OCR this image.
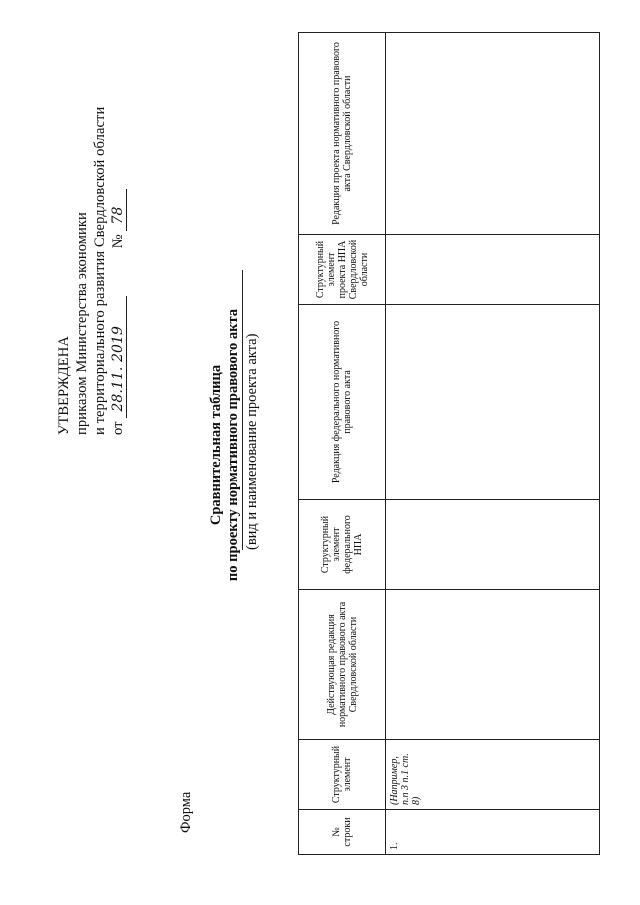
УТВЕРЖДЕНА приказом Министерства экономики и территориального развития Свердловской области от 28.11. 2019  № 78
Форма
Сравнительная таблица по проекту нормативного правового акта (вид и наименование проекта акта)
№ строки	Структурный элемент	Действующая редакция нормативного правового акта Свердловской области	Структурный элемент федерального НПА	Редакция федерального нормативного правового акта	Структурный элемент проекта НПА Свердловской области	Редакция проекта нормативного правового акта Свердловской области
1.	(Например, п.п 3 п.1 ст. 8)					
